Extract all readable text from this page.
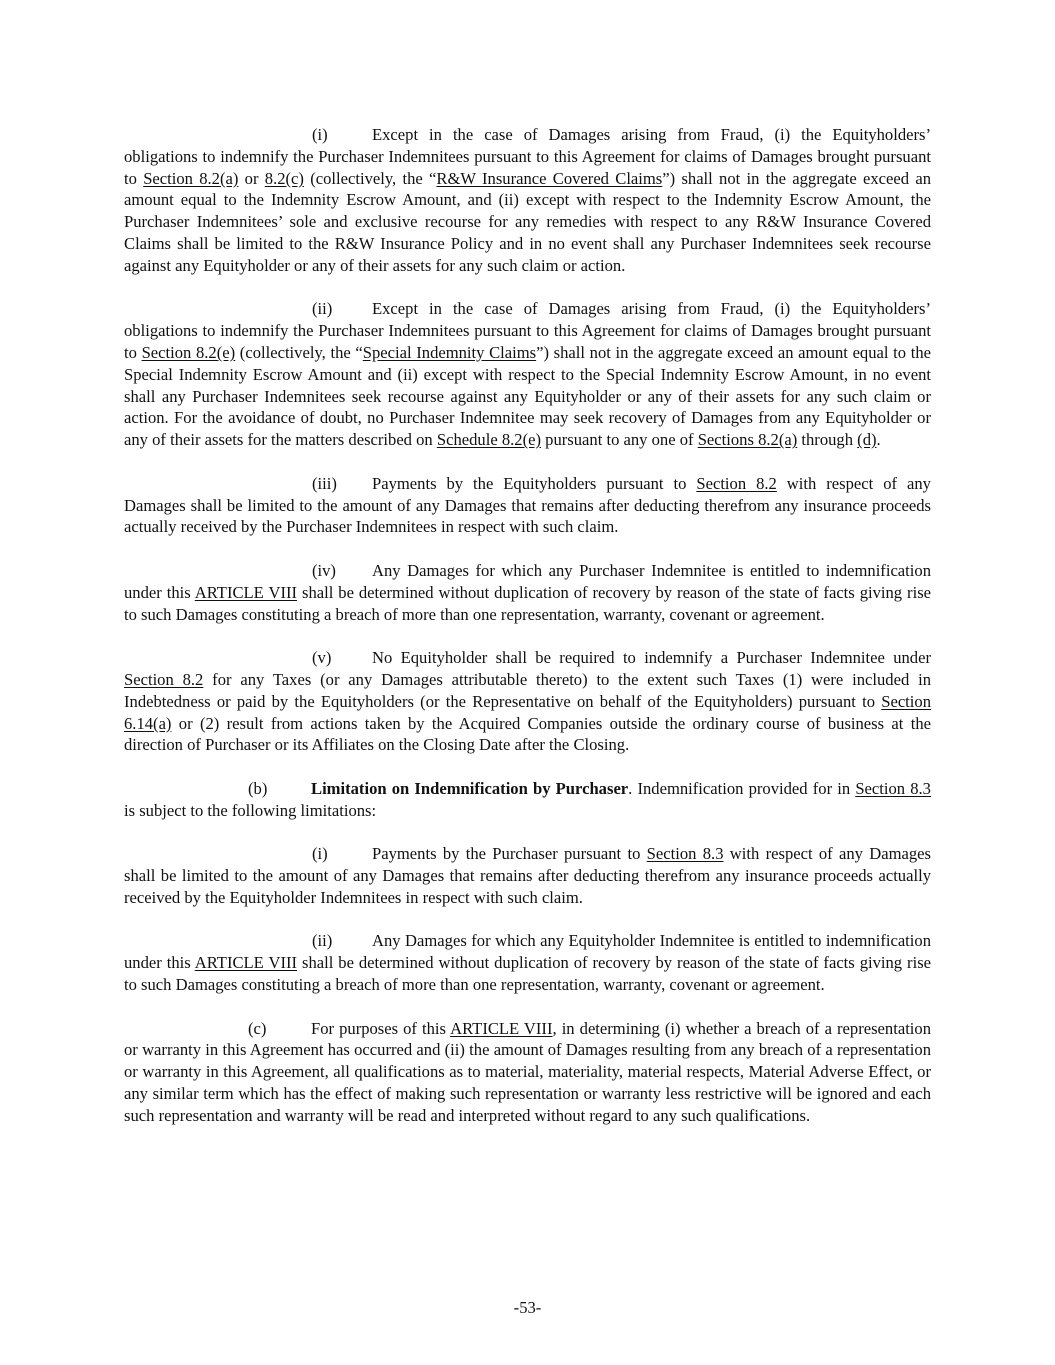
(i)	Except in the case of Damages arising from Fraud, (i) the Equityholders’ obligations to indemnify the Purchaser Indemnitees pursuant to this Agreement for claims of Damages brought pursuant to Section 8.2(a) or 8.2(c) (collectively, the “R&W Insurance Covered Claims”) shall not in the aggregate exceed an amount equal to the Indemnity Escrow Amount, and (ii) except with respect to the Indemnity Escrow Amount, the Purchaser Indemnitees’ sole and exclusive recourse for any remedies with respect to any R&W Insurance Covered Claims shall be limited to the R&W Insurance Policy and in no event shall any Purchaser Indemnitees seek recourse against any Equityholder or any of their assets for any such claim or action.

(ii) Except in the case of Damages arising from Fraud, (i) the Equityholders’ obligations to indemnify the Purchaser Indemnitees pursuant to this Agreement for claims of Damages brought pursuant to Section 8.2(e) (collectively, the “Special Indemnity Claims”) shall not in the aggregate exceed an amount equal to the Special Indemnity Escrow Amount and (ii) except with respect to the Special Indemnity Escrow Amount, in no event shall any Purchaser Indemnitees seek recourse against any Equityholder or any of their assets for any such claim or action. For the avoidance of doubt, no Purchaser Indemnitee may seek recovery of Damages from any Equityholder or any of their assets for the matters described on Schedule 8.2(e) pursuant to any one of Sections 8.2(a) through (d).

(iii) Payments by the Equityholders pursuant to Section 8.2 with respect of any Damages shall be limited to the amount of any Damages that remains after deducting therefrom any insurance proceeds actually received by the Purchaser Indemnitees in respect with such claim.

(iv) Any Damages for which any Purchaser Indemnitee is entitled to indemnification under this ARTICLE VIII shall be determined without duplication of recovery by reason of the state of facts giving rise to such Damages constituting a breach of more than one representation, warranty, covenant or agreement.

(v) No Equityholder shall be required to indemnify a Purchaser Indemnitee under Section 8.2 for any Taxes (or any Damages attributable thereto) to the extent such Taxes (1) were included in Indebtedness or paid by the Equityholders (or the Representative on behalf of the Equityholders) pursuant to Section 6.14(a) or (2) result from actions taken by the Acquired Companies outside the ordinary course of business at the direction of Purchaser or its Affiliates on the Closing Date after the Closing.

(b)	Limitation on Indemnification by Purchaser. Indemnification provided for in Section 8.3 is subject to the following limitations:

(i)	Payments by the Purchaser pursuant to Section 8.3 with respect of any Damages shall be limited to the amount of any Damages that remains after deducting therefrom any insurance proceeds actually received by the Equityholder Indemnitees in respect with such claim.

(ii) Any Damages for which any Equityholder Indemnitee is entitled to indemnification under this ARTICLE VIII shall be determined without duplication of recovery by reason of the state of facts giving rise to such Damages constituting a breach of more than one representation, warranty, covenant or agreement.

(c)	For purposes of this ARTICLE VIII, in determining (i) whether a breach of a representation or warranty in this Agreement has occurred and (ii) the amount of Damages resulting from any breach of a representation or warranty in this Agreement, all qualifications as to material, materiality, material respects, Material Adverse Effect, or any similar term which has the effect of making such representation or warranty less restrictive will be ignored and each such representation and warranty will be read and interpreted without regard to any such qualifications.

-53-
